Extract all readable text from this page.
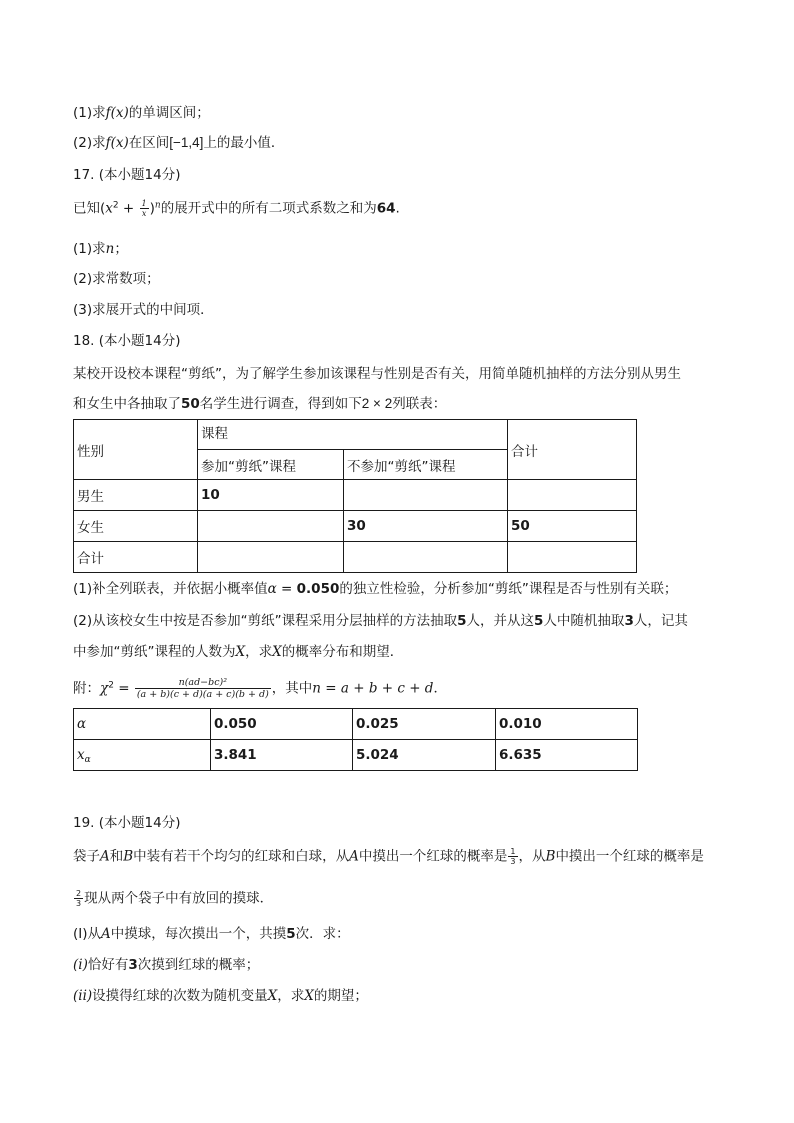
(1)求f(x)的单调区间；
(2)求f(x)在区间[−1,4]上的最小值．
17. (本小题14分)
已知$(x^2 + \frac{1}{x} )^n$的展开式中的所有二项式系数之和为64.
(1)求n；
(2)求常数项；
(3)求展开式的中间项．
18. (本小题14分)
某校开设校本课程“剪纸”，为了解学生参加该课程与性别是否有关，用简单随机抽样的方法分别从男生
和女生中各抽取了50名学生进行调查，得到如下2 × 2列联表：
性别	课程		合计
	参加“剪纸”课程	不参加“剪纸”课程	
男生	10		
女生		30	50
合计			
(1)补全列联表，并依据小概率值α = 0.050的独立性检验，分析参加“剪纸”课程是否与性别有关联；
(2)从该校女生中按是否参加“剪纸”课程采用分层抽样的方法抽取5人，并从这5人中随机抽取3人，记其
中参加“剪纸”课程的人数为X，求X的概率分布和期望．
附：$\chi^2 = \frac{\text{n(ad−bc)²}}{(a + b)(c + d)(a + c)(b + d)}$ ，其中n = a + b + c + d．
α	0.050	0.025	0.010
$x_\alpha$	3.841	5.024	6.635
19. (本小题14分)
袋子A和B中装有若干个均匀的红球和白球，从A中摸出一个红球的概率是 $\frac{1}{3}$ ，从B中摸出一个红球的概率是
$\frac{2}{3}$ 现从两个袋子中有放回的摸球．
(Ⅰ)从A中摸球，每次摸出一个，共摸5次．求：
(i)恰好有3次摸到红球的概率；
(ii)设摸得红球的次数为随机变量X，求X的期望；
